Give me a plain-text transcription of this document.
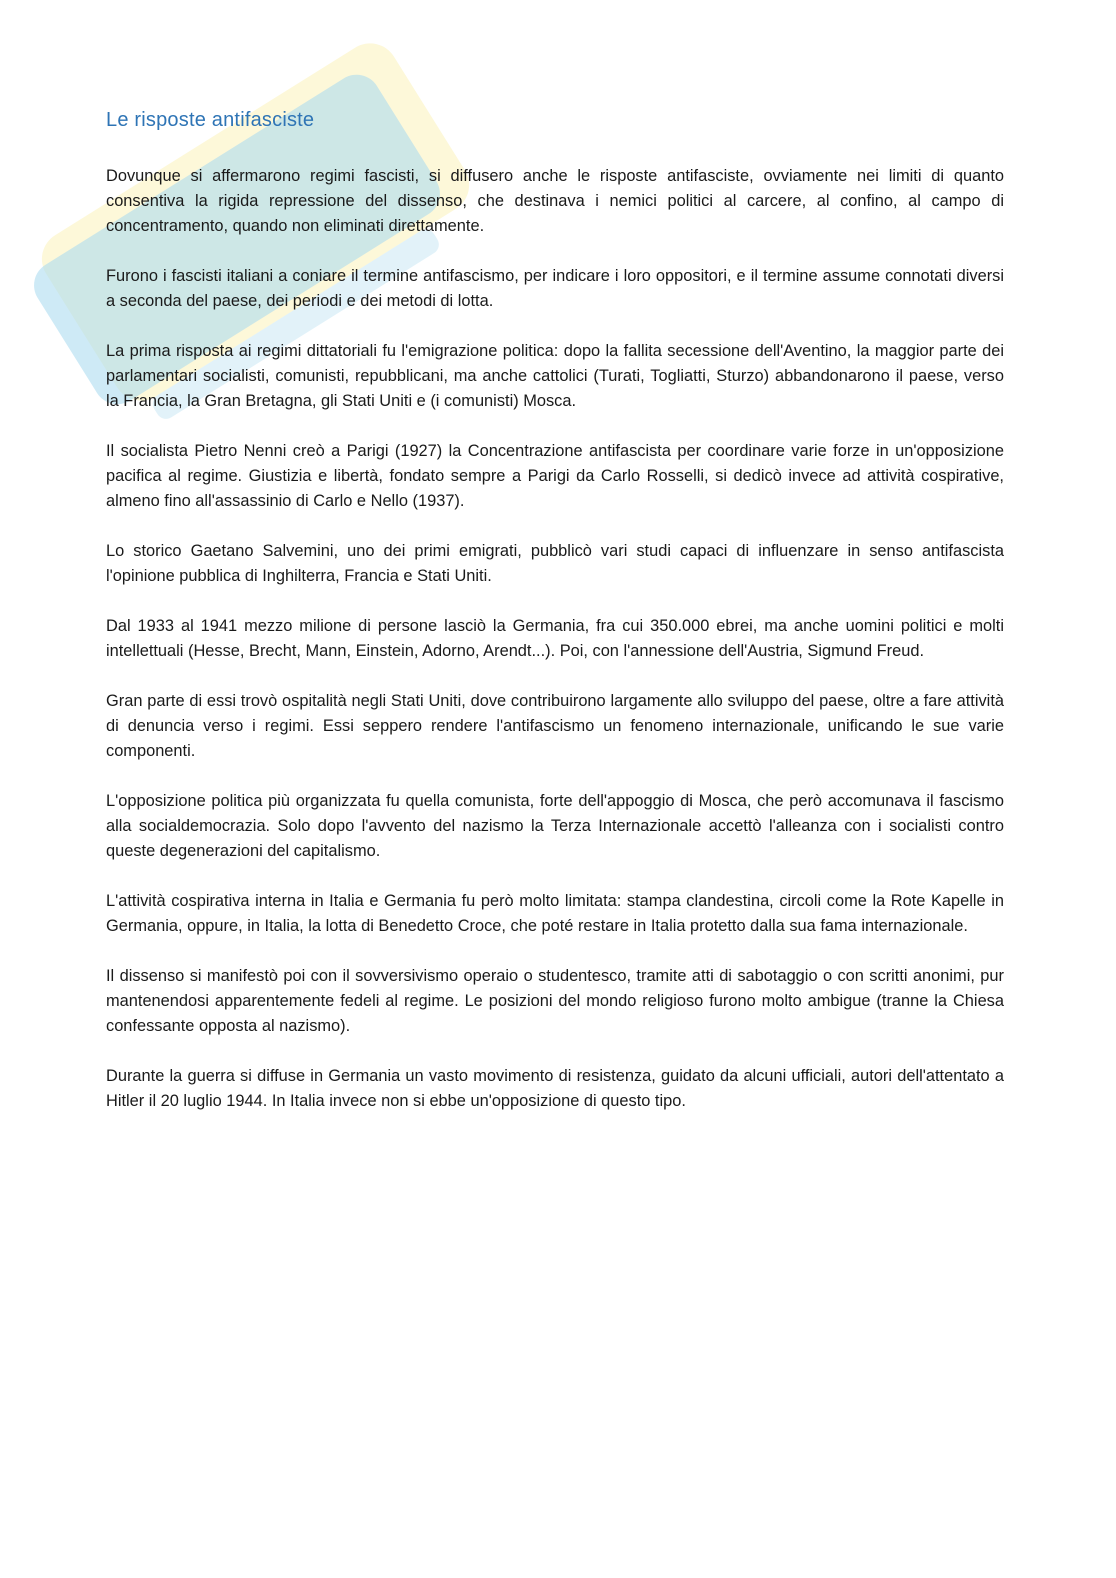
Le risposte antifasciste

Dovunque si affermarono regimi fascisti, si diffusero anche le risposte antifasciste, ovviamente nei limiti di quanto consentiva la rigida repressione del dissenso, che destinava i nemici politici al carcere, al confino, al campo di concentramento, quando non eliminati direttamente.

Furono i fascisti italiani a coniare il termine antifascismo, per indicare i loro oppositori, e il termine assume connotati diversi a seconda del paese, dei periodi e dei metodi di lotta.

La prima risposta ai regimi dittatoriali fu l'emigrazione politica: dopo la fallita secessione dell'Aventino, la maggior parte dei parlamentari socialisti, comunisti, repubblicani, ma anche cattolici (Turati, Togliatti, Sturzo) abbandonarono il paese, verso la Francia, la Gran Bretagna, gli Stati Uniti e (i comunisti) Mosca.

Il socialista Pietro Nenni creò a Parigi (1927) la Concentrazione antifascista per coordinare varie forze in un'opposizione pacifica al regime. Giustizia e libertà, fondato sempre a Parigi da Carlo Rosselli, si dedicò invece ad attività cospirative, almeno fino all'assassinio di Carlo e Nello (1937).

Lo storico Gaetano Salvemini, uno dei primi emigrati, pubblicò vari studi capaci di influenzare in senso antifascista l'opinione pubblica di Inghilterra, Francia e Stati Uniti.

Dal 1933 al 1941 mezzo milione di persone lasciò la Germania, fra cui 350.000 ebrei, ma anche uomini politici e molti intellettuali (Hesse, Brecht, Mann, Einstein, Adorno, Arendt...). Poi, con l'annessione dell'Austria, Sigmund Freud.

Gran parte di essi trovò ospitalità negli Stati Uniti, dove contribuirono largamente allo sviluppo del paese, oltre a fare attività di denuncia verso i regimi. Essi seppero rendere l'antifascismo un fenomeno internazionale, unificando le sue varie componenti.

L'opposizione politica più organizzata fu quella comunista, forte dell'appoggio di Mosca, che però accomunava il fascismo alla socialdemocrazia. Solo dopo l'avvento del nazismo la Terza Internazionale accettò l'alleanza con i socialisti contro queste degenerazioni del capitalismo.

L'attività cospirativa interna in Italia e Germania fu però molto limitata: stampa clandestina, circoli come la Rote Kapelle in Germania, oppure, in Italia, la lotta di Benedetto Croce, che poté restare in Italia protetto dalla sua fama internazionale.

Il dissenso si manifestò poi con il sovversivismo operaio o studentesco, tramite atti di sabotaggio o con scritti anonimi, pur mantenendosi apparentemente fedeli al regime. Le posizioni del mondo religioso furono molto ambigue (tranne la Chiesa confessante opposta al nazismo).

Durante la guerra si diffuse in Germania un vasto movimento di resistenza, guidato da alcuni ufficiali, autori dell'attentato a Hitler il 20 luglio 1944. In Italia invece non si ebbe un'opposizione di questo tipo.
